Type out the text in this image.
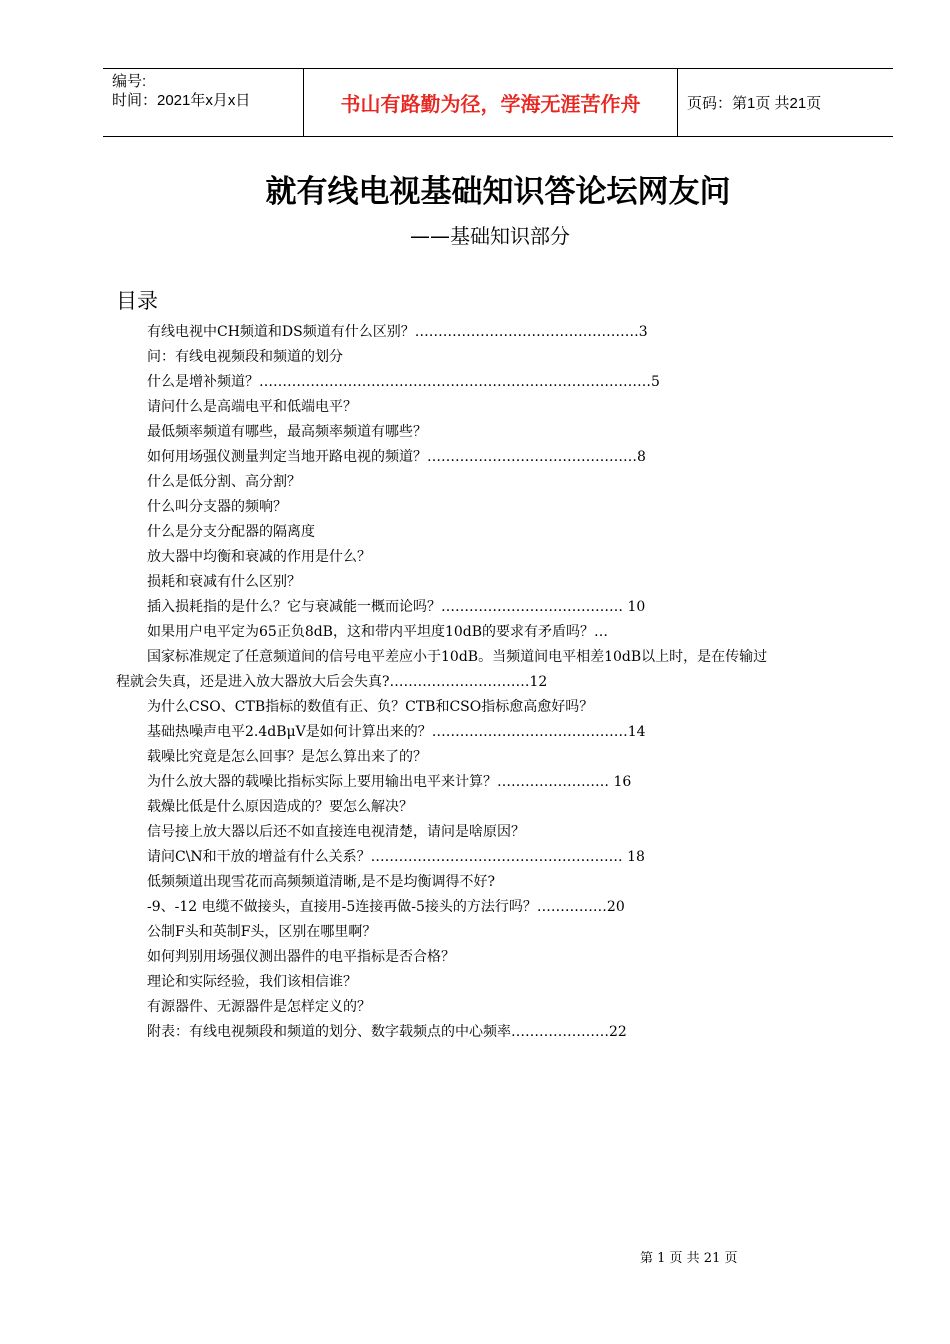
编号:
时间：2021年x月x日	书山有路勤为径，学海无涯苦作舟	页码：第1页 共21页
就有线电视基础知识答论坛网友问
——基础知识部分
目录
有线电视中CH频道和DS频道有什么区别？…………………………………………3
问：有线电视频段和频道的划分
什么是增补频道？…………………………………………………………………………5
请问什么是高端电平和低端电平？
最低频率频道有哪些，最高频率频道有哪些？
如何用场强仪测量判定当地开路电视的频道？………………………………………8
什么是低分割、高分割？
什么叫分支器的频响？
什么是分支分配器的隔离度
放大器中均衡和衰减的作用是什么？
损耗和衰减有什么区别？
插入损耗指的是什么？它与衰减能一概而论吗？………………………………… 10
如果用户电平定为65正负8dB，这和带内平坦度10dB的要求有矛盾吗？…
国家标准规定了任意频道间的信号电平差应小于10dB。当频道间电平相差10dB以上时，是在传输过
程就会失真，还是进入放大器放大后会失真?…………………………12
为什么CSO、CTB指标的数值有正、负？CTB和CSO指标愈高愈好吗？
基础热噪声电平2.4dBμV是如何计算出来的？……………………………………14
载噪比究竟是怎么回事？是怎么算出来了的？
为什么放大器的载噪比指标实际上要用输出电平来计算？…………………… 16
载燥比低是什么原因造成的？要怎么解决？
信号接上放大器以后还不如直接连电视清楚，请问是啥原因？
请问C\N和干放的增益有什么关系？……………………………………………… 18
低频频道出现雪花而高频频道清晰,是不是均衡调得不好?
-9、-12 电缆不做接头，直接用-5连接再做-5接头的方法行吗？……………20
公制F头和英制F头，区别在哪里啊？
如何判别用场强仪测出器件的电平指标是否合格？
理论和实际经验，我们该相信谁？
有源器件、无源器件是怎样定义的？
附表：有线电视频段和频道的划分、数字载频点的中心频率…………………22
第 1 页 共 21 页
